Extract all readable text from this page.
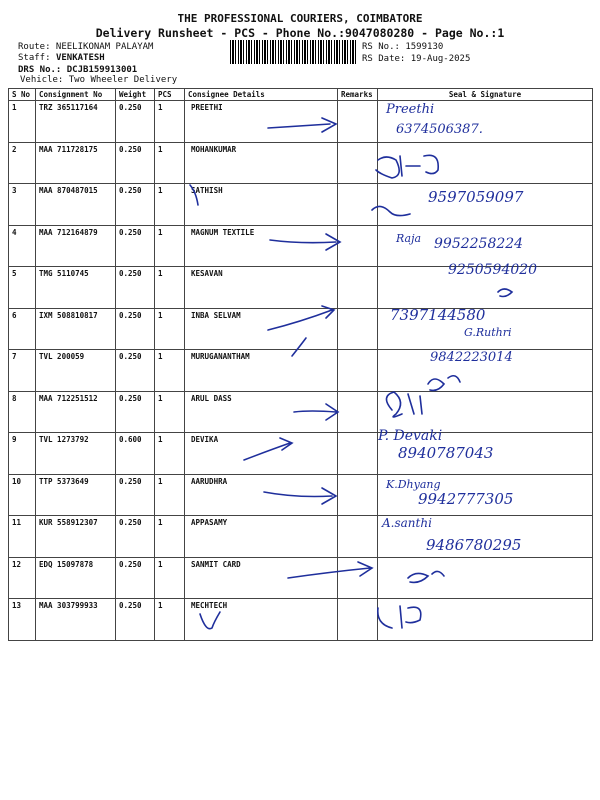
THE PROFESSIONAL COURIERS, COIMBATORE
Delivery Runsheet - PCS - Phone No.:9047080280 - Page No.:1
Route: NEELIKONAM PALAYAM
Staff: VENKATESH
DRS No.: DCJB159913001
Vehicle: Two Wheeler Delivery
RS No.: 1599130
RS Date: 19-Aug-2025
S No	Consignment No	Weight	PCS	Consignee Details	Remarks	Seal & Signature
1	TRZ 365117164	0.250	1	PREETHI		
2	MAA 711728175	0.250	1	MOHANKUMAR		
3	MAA 870487015	0.250	1	SATHISH		
4	MAA 712164879	0.250	1	MAGNUM TEXTILE		
5	TMG 5110745	0.250	1	KESAVAN		
6	IXM 508810817	0.250	1	INBA SELVAM		
7	TVL 200059	0.250	1	MURUGANANTHAM		
8	MAA 712251512	0.250	1	ARUL DASS		
9	TVL 1273792	0.600	1	DEVIKA		
10	TTP 5373649	0.250	1	AARUDHRA		
11	KUR 558912307	0.250	1	APPASAMY		
12	EDQ 15097878	0.250	1	SANMIT CARD		
13	MAA 303799933	0.250	1	MECHTECH		
Preethi
6374506387.
9597059097
Raja 9952258224
9250594020
7397144580
G.Ruthri
9842223014
P. Devaki
8940787043
K.Dhyang
9942777305
A.santhi
9486780295
